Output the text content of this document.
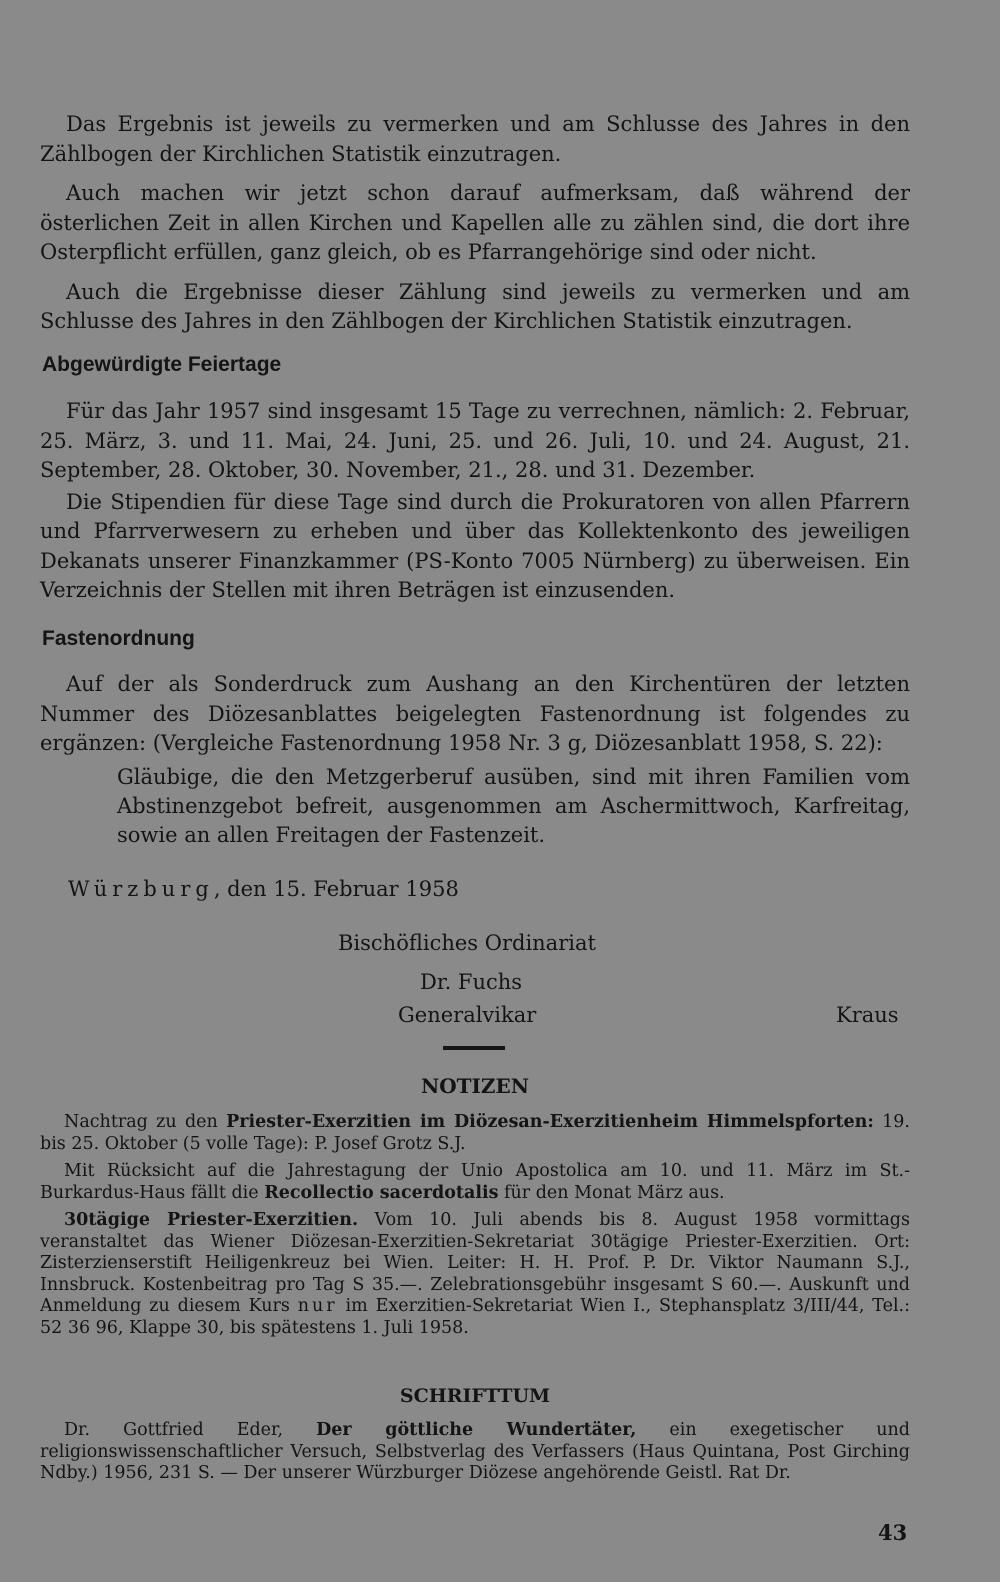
Das Ergebnis ist jeweils zu vermerken und am Schlusse des Jahres in den Zählbogen der Kirchlichen Statistik einzutragen.

Auch machen wir jetzt schon darauf aufmerksam, daß während der österlichen Zeit in allen Kirchen und Kapellen alle zu zählen sind, die dort ihre Osterpflicht erfüllen, ganz gleich, ob es Pfarrangehörige sind oder nicht.

Auch die Ergebnisse dieser Zählung sind jeweils zu vermerken und am Schlusse des Jahres in den Zählbogen der Kirchlichen Statistik einzutragen.

Abgewürdigte Feiertage

Für das Jahr 1957 sind insgesamt 15 Tage zu verrechnen, nämlich: 2. Februar, 25. März, 3. und 11. Mai, 24. Juni, 25. und 26. Juli, 10. und 24. August, 21. September, 28. Oktober, 30. November, 21., 28. und 31. Dezember.

Die Stipendien für diese Tage sind durch die Prokuratoren von allen Pfarrern und Pfarrverwesern zu erheben und über das Kollektenkonto des jeweiligen Dekanats unserer Finanzkammer (PS-Konto 7005 Nürnberg) zu überweisen. Ein Verzeichnis der Stellen mit ihren Beträgen ist einzusenden.

Fastenordnung

Auf der als Sonderdruck zum Aushang an den Kirchentüren der letzten Nummer des Diözesanblattes beigelegten Fastenordnung ist folgendes zu ergänzen: (Vergleiche Fastenordnung 1958 Nr. 3 g, Diözesanblatt 1958, S. 22):

Gläubige, die den Metzgerberuf ausüben, sind mit ihren Familien vom Abstinenzgebot befreit, ausgenommen am Aschermittwoch, Karfreitag, sowie an allen Freitagen der Fastenzeit.

Würzburg, den 15. Februar 1958

Bischöfliches Ordinariat

Dr. Fuchs

Generalvikar	Kraus

NOTIZEN

Nachtrag zu den Priester-Exerzitien im Diözesan-Exerzitienheim Himmelspforten: 19. bis 25. Oktober (5 volle Tage): P. Josef Grotz S.J.

Mit Rücksicht auf die Jahrestagung der Unio Apostolica am 10. und 11. März im St.-Burkardus-Haus fällt die Recollectio sacerdotalis für den Monat März aus.

30tägige Priester-Exerzitien. Vom 10. Juli abends bis 8. August 1958 vormittags veranstaltet das Wiener Diözesan-Exerzitien-Sekretariat 30tägige Priester-Exerzitien. Ort: Zisterzienserstift Heiligenkreuz bei Wien. Leiter: H. H. Prof. P. Dr. Viktor Naumann S.J., Innsbruck. Kostenbeitrag pro Tag S 35.—. Zelebrationsgebühr insgesamt S 60.—. Auskunft und Anmeldung zu diesem Kurs nur im Exerzitien-Sekretariat Wien I., Stephansplatz 3/III/44, Tel.: 52 36 96, Klappe 30, bis spätestens 1. Juli 1958.

SCHRIFTTUM

Dr. Gottfried Eder, Der göttliche Wundertäter, ein exegetischer und religionswissenschaftlicher Versuch, Selbstverlag des Verfassers (Haus Quintana, Post Girching Ndby.) 1956, 231 S. — Der unserer Würzburger Diözese angehörende Geistl. Rat Dr.

43
